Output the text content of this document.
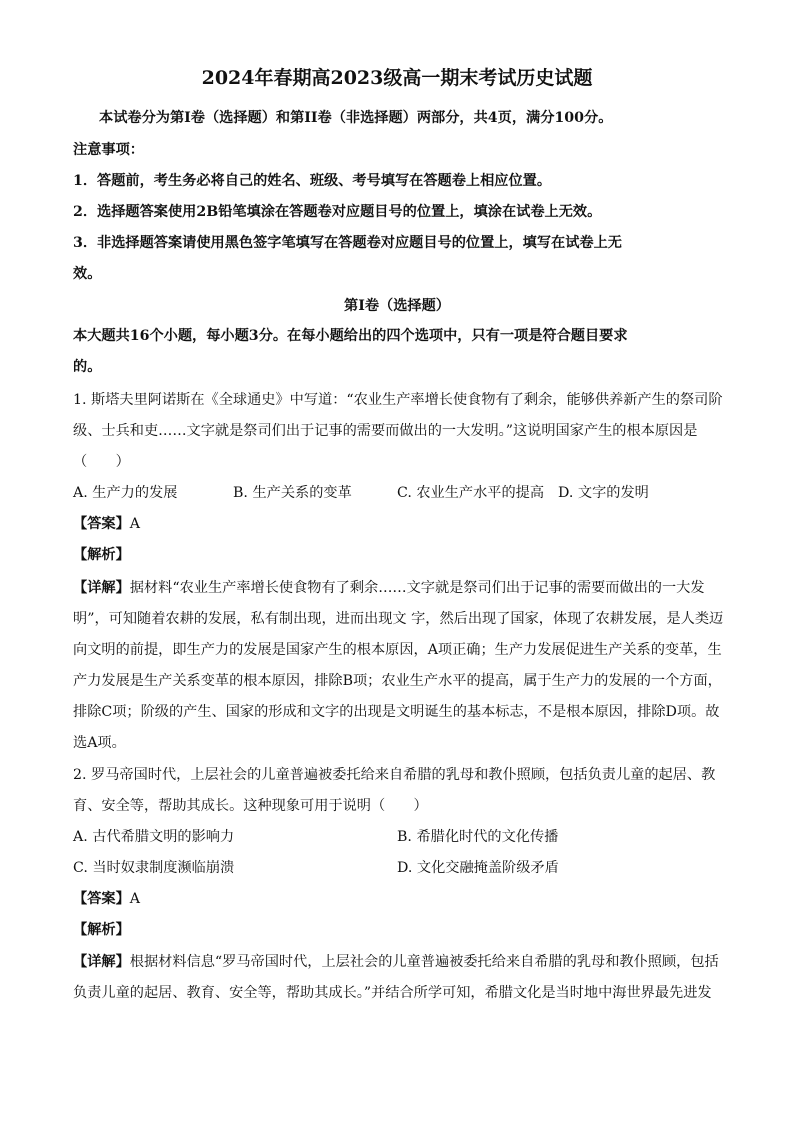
2024年春期高2023级高一期末考试历史试题
本试卷分为第I卷（选择题）和第II卷（非选择题）两部分，共4页，满分100分。
注意事项：
1．答题前，考生务必将自己的姓名、班级、考号填写在答题卷上相应位置。
2．选择题答案使用2B铅笔填涂在答题卷对应题目号的位置上，填涂在试卷上无效。
3．非选择题答案请使用黑色签字笔填写在答题卷对应题目号的位置上，填写在试卷上无
效。
第I卷（选择题）
本大题共16个小题，每小题3分。在每小题给出的四个选项中，只有一项是符合题目要求
的。
1. 斯塔夫里阿诺斯在《全球通史》中写道：“农业生产率增长使食物有了剩余，能够供养新产生的祭司阶
级、士兵和吏……文字就是祭司们出于记事的需要而做出的一大发明。”这说明国家产生的根本原因是
（　　）
A. 生产力的发展	B. 生产关系的变革	C. 农业生产水平的提高 D. 文字的发明
【答案】A
【解析】
【详解】据材料“农业生产率增长使食物有了剩余……文字就是祭司们出于记事的需要而做出的一大发
明”，可知随着农耕的发展，私有制出现，进而出现文 字，然后出现了国家，体现了农耕发展，是人类迈
向文明的前提，即生产力的发展是国家产生的根本原因，A项正确；生产力发展促进生产关系的变革，生
产力发展是生产关系变革的根本原因，排除B项；农业生产水平的提高，属于生产力的发展的一个方面，
排除C项；阶级的产生、国家的形成和文字的出现是文明诞生的基本标志，不是根本原因，排除D项。故
选A项。
2. 罗马帝国时代，上层社会的儿童普遍被委托给来自希腊的乳母和教仆照顾，包括负责儿童的起居、教
育、安全等，帮助其成长。这种现象可用于说明（　　）
A. 古代希腊文明的影响力	B. 希腊化时代的文化传播
C. 当时奴隶制度濒临崩溃	D. 文化交融掩盖阶级矛盾
【答案】A
【解析】
【详解】根据材料信息“罗马帝国时代，上层社会的儿童普遍被委托给来自希腊的乳母和教仆照顾，包括
负责儿童的起居、教育、安全等，帮助其成长。”并结合所学可知，希腊文化是当时地中海世界最先进发
